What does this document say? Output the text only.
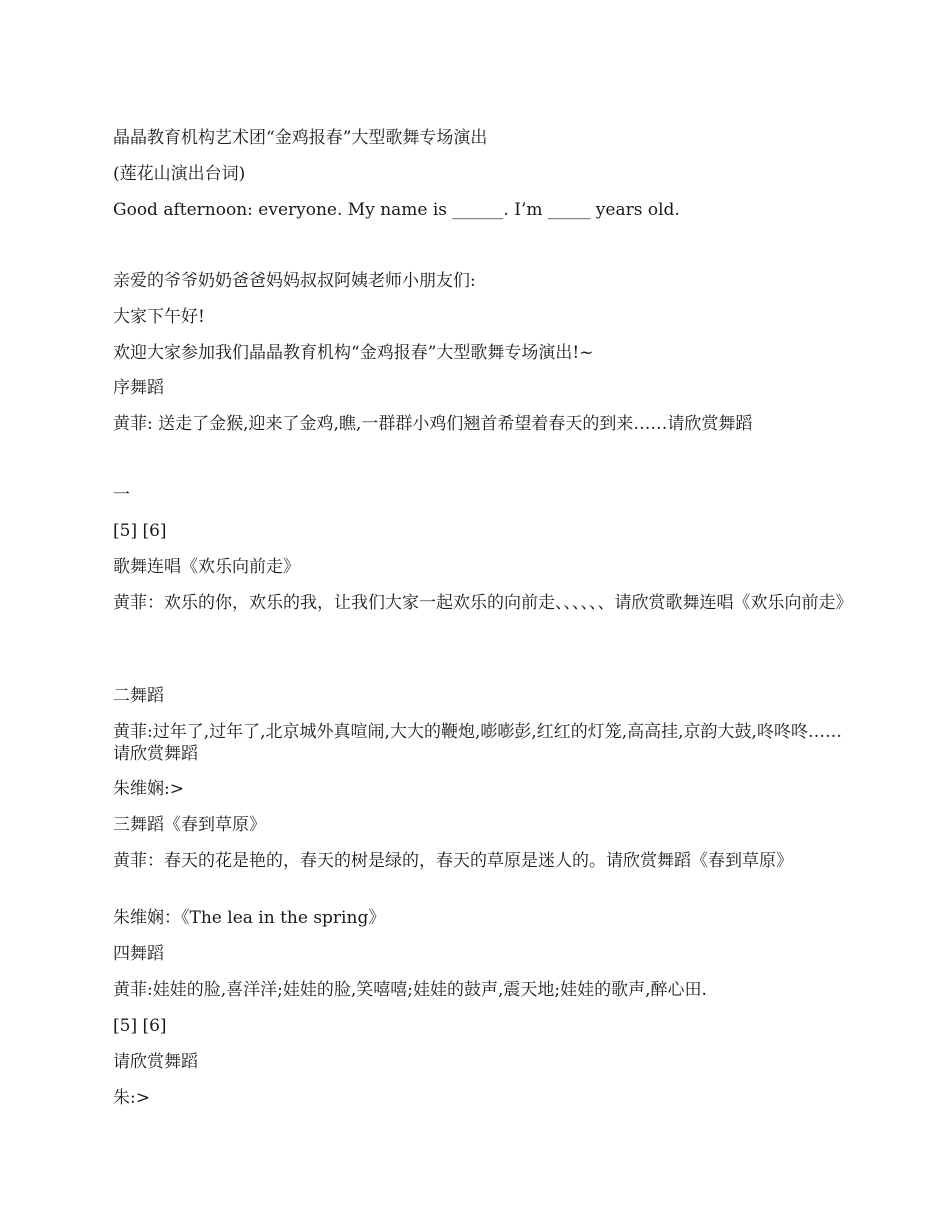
晶晶教育机构艺术团“金鸡报春”大型歌舞专场演出

(莲花山演出台词)

Good afternoon: everyone. My name is ______. I’m _____ years old.

亲爱的爷爷奶奶爸爸妈妈叔叔阿姨老师小朋友们:

大家下午好!

欢迎大家参加我们晶晶教育机构“金鸡报春”大型歌舞专场演出!~

序舞蹈

黄菲: 送走了金猴,迎来了金鸡,瞧,一群群小鸡们翘首希望着春天的到来……请欣赏舞蹈

一

[5] [6]

歌舞连唱《欢乐向前走》

黄菲：欢乐的你，欢乐的我，让我们大家一起欢乐的向前走、、、、、、请欣赏歌舞连唱《欢乐向前走》

二舞蹈

黄菲:过年了,过年了,北京城外真喧闹,大大的鞭炮,嘭嘭彭,红红的灯笼,高高挂,京韵大鼓,咚咚咚……请欣赏舞蹈

朱维娴:>

三舞蹈《春到草原》

黄菲：春天的花是艳的，春天的树是绿的，春天的草原是迷人的。请欣赏舞蹈《春到草原》

朱维娴：《The lea in the spring》

四舞蹈

黄菲:娃娃的脸,喜洋洋;娃娃的脸,笑嘻嘻;娃娃的鼓声,震天地;娃娃的歌声,醉心田.

[5] [6]

请欣赏舞蹈

朱:>
